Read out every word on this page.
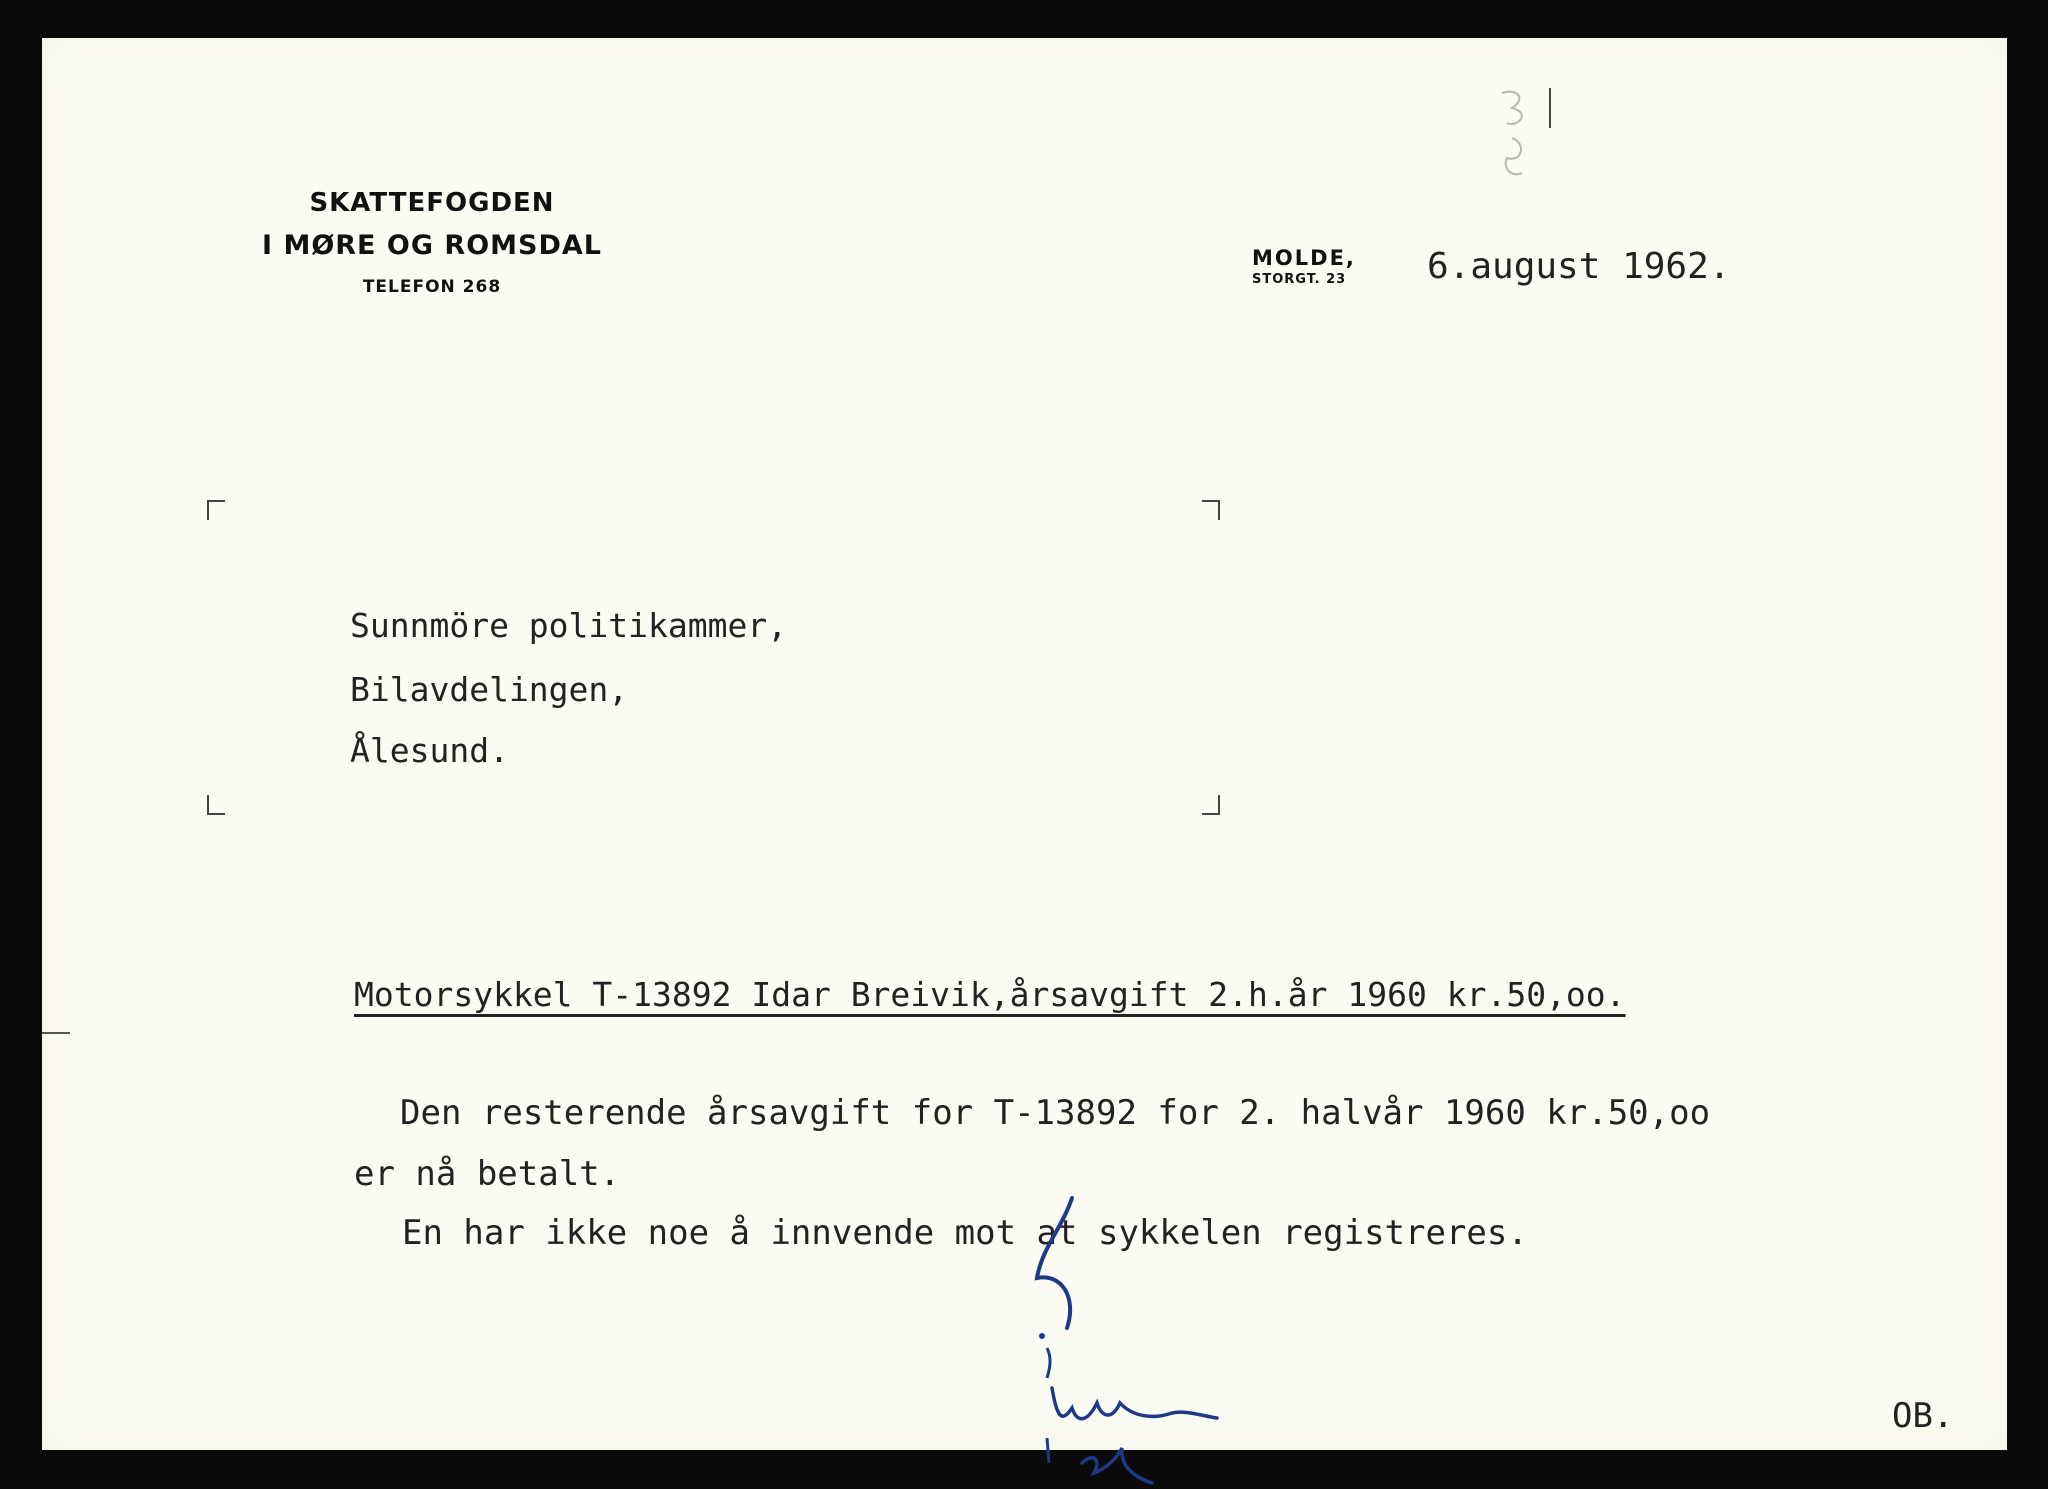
SKATTEFOGDEN
I MØRE OG ROMSDAL
TELEFON 268
MOLDE,
STORGT. 23 6.august 1962.
Sunnmöre politikammer,
Bilavdelingen,
Ålesund.
Motorsykkel T-13892 Idar Breivik,årsavgift 2.h.år 1960 kr.50,oo.
Den resterende årsavgift for T-13892 for 2. halvår 1960 kr.50,oo
er nå betalt.
En har ikke noe å innvende mot at sykkelen registreres.
OB.
